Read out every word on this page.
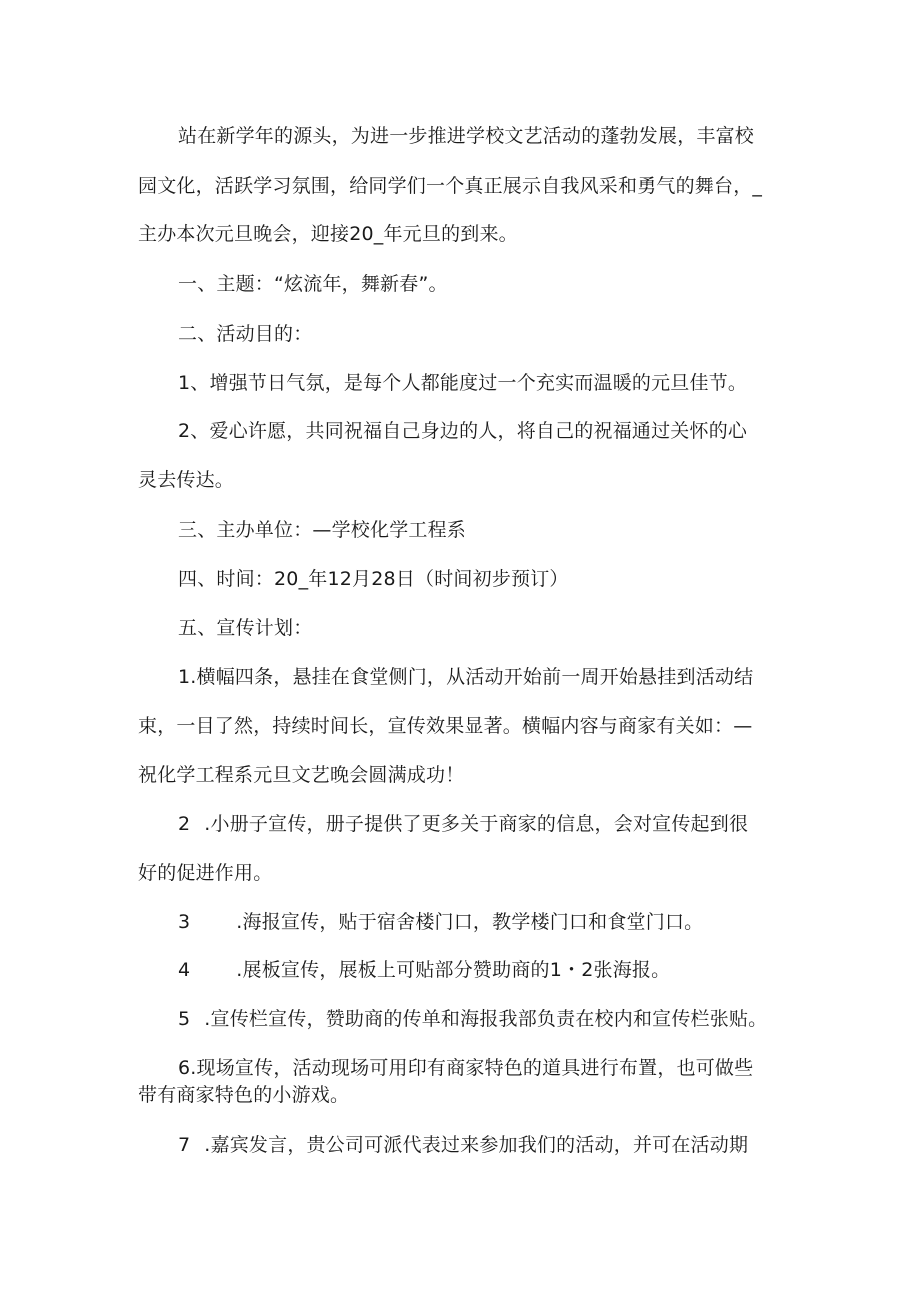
站在新学年的源头，为进一步推进学校文艺活动的蓬勃发展，丰富校
园文化，活跃学习氛围，给同学们一个真正展示自我风采和勇气的舞台，_
主办本次元旦晚会，迎接20_年元旦的到来。
一、主题：“炫流年，舞新春”。
二、活动目的：
1、增强节日气氛，是每个人都能度过一个充实而温暖的元旦佳节。
2、爱心许愿，共同祝福自己身边的人，将自己的祝福通过关怀的心
灵去传达。
三、主办单位：—学校化学工程系
四、时间：20_年12月28日（时间初步预订）
五、宣传计划：
1.横幅四条，悬挂在食堂侧门，从活动开始前一周开始悬挂到活动结
束，一目了然，持续时间长，宣传效果显著。横幅内容与商家有关如：—
祝化学工程系元旦文艺晚会圆满成功！
2 .小册子宣传，册子提供了更多关于商家的信息，会对宣传起到很
好的促进作用。
3 .海报宣传，贴于宿舍楼门口，教学楼门口和食堂门口。
4 .展板宣传，展板上可贴部分赞助商的1・2张海报。
5 .宣传栏宣传，赞助商的传单和海报我部负责在校内和宣传栏张贴。
6.现场宣传，活动现场可用印有商家特色的道具进行布置，也可做些
带有商家特色的小游戏。
7 .嘉宾发言，贵公司可派代表过来参加我们的活动，并可在活动期
